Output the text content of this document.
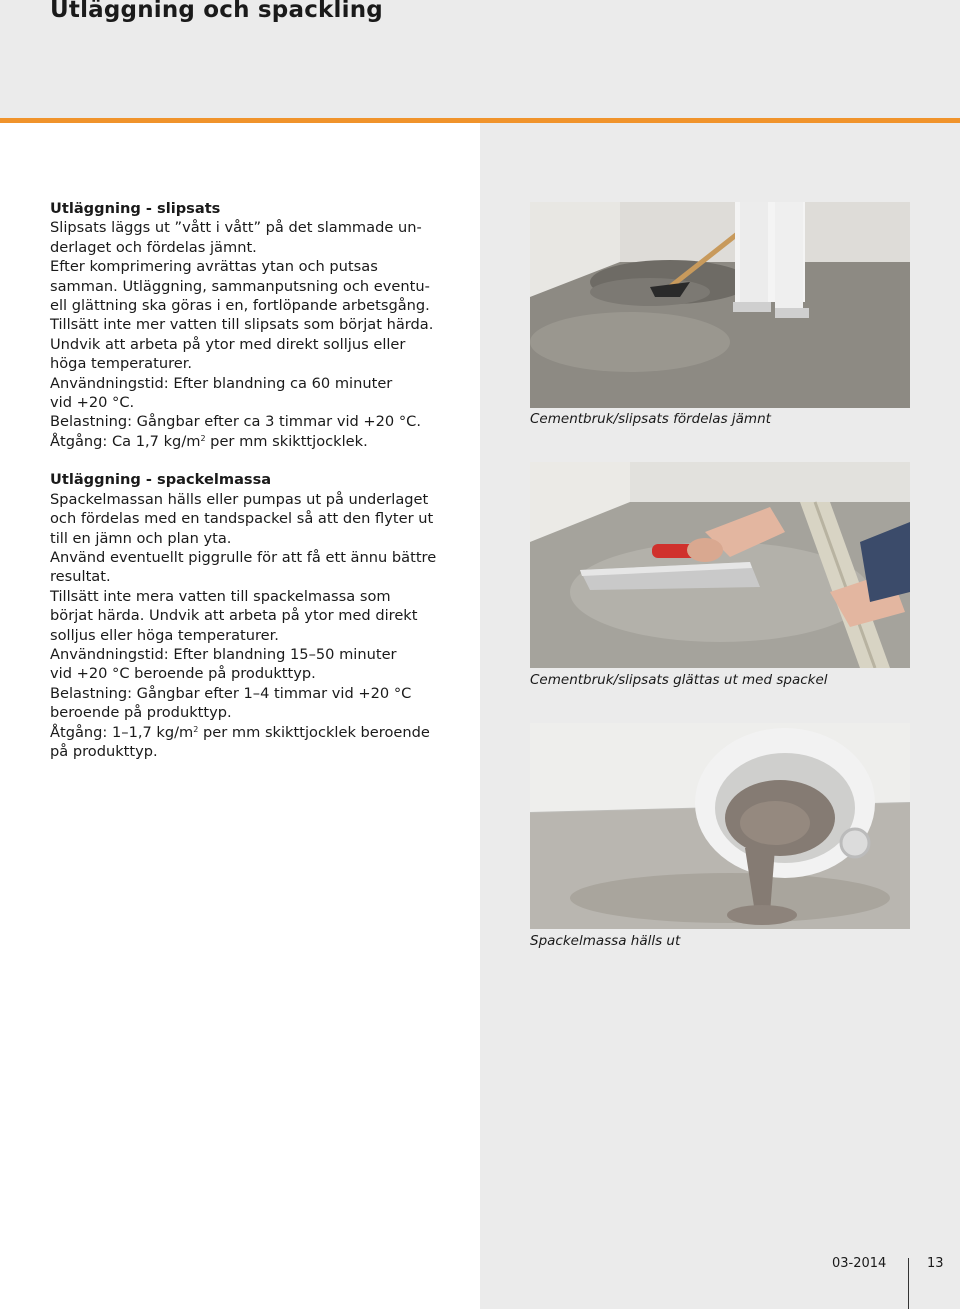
Utläggning och spackling

Utläggning - slipsats

Slipsats läggs ut ”vått i vått” på det slammade un-

derlaget och fördelas jämnt.

Efter komprimering avrättas ytan och putsas

samman. Utläggning, sammanputsning och eventu-

ell glättning ska göras i en, fortlöpande arbetsgång.

Tillsätt inte mer vatten till slipsats som börjat härda.

Undvik att arbeta på ytor med direkt solljus eller

höga temperaturer.

Användningstid: Efter blandning ca 60 minuter

vid +20 °C.

Belastning: Gångbar efter ca 3 timmar vid +20 °C.

Åtgång: Ca 1,7 $kg/m^2$ per mm skikttjocklek.

Utläggning - spackelmassa

Spackelmassan hälls eller pumpas ut på underlaget

och fördelas med en tandspackel så att den flyter ut

till en jämn och plan yta.

Använd eventuellt piggrulle för att få ett ännu bättre

resultat.

Tillsätt inte mera vatten till spackelmassa som

börjat härda. Undvik att arbeta på ytor med direkt

solljus eller höga temperaturer.

Användningstid: Efter blandning 15–50 minuter

vid +20 °C beroende på produkttyp.

Belastning: Gångbar efter 1–4 timmar vid +20 °C

beroende på produkttyp.

Åtgång: 1–1,7 $kg/m^2$ per mm skikttjocklek beroende

på produkttyp.

Cementbruk/slipsats fördelas jämnt
Cementbruk/slipsats glättas ut med spackel
Spackelmassa hälls ut
03-2014	13
